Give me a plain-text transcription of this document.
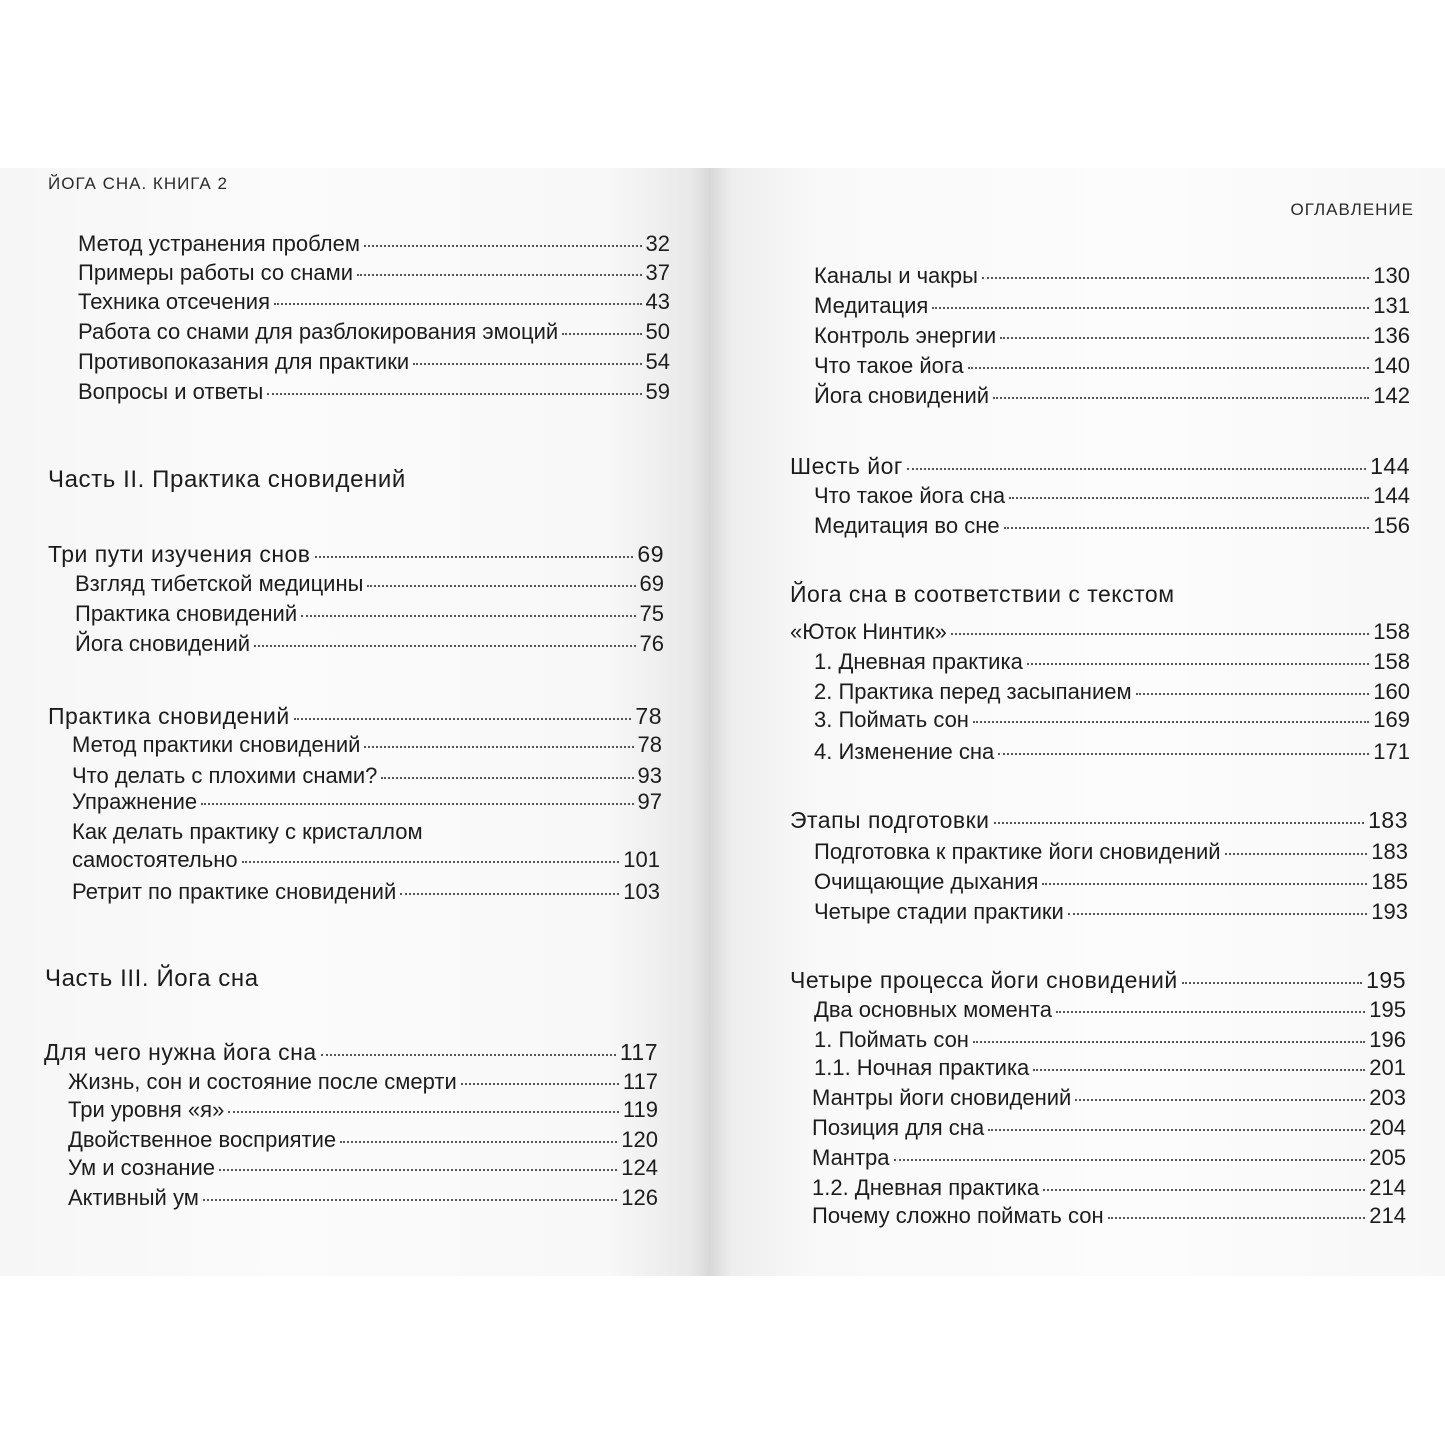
ЙОГА СНА. КНИГА 2
ОГЛАВЛЕНИЕ
Метод устранения проблем	32
Примеры работы со снами	37
Техника отсечения	43
Работа со снами для разблокирования эмоций	50
Противопоказания для практики	54
Вопросы и ответы	59
Часть II. Практика сновидений
Три пути изучения снов	69
Взгляд тибетской медицины	69
Практика сновидений	75
Йога сновидений	76
Практика сновидений	78
Метод практики сновидений	78
Что делать с плохими снами?	93
Упражнение	97
Как делать практику с кристаллом
самостоятельно	101
Ретрит по практике сновидений	103
Часть III. Йога сна
Для чего нужна йога сна	117
Жизнь, сон и состояние после смерти	117
Три уровня «я»	119
Двойственное восприятие	120
Ум и сознание	124
Активный ум	126
Каналы и чакры	130
Медитация	131
Контроль энергии	136
Что такое йога	140
Йога сновидений	142
Шесть йог	144
Что такое йога сна	144
Медитация во сне	156
Йога сна в соответствии с текстом
«Юток Нинтик»	158
1. Дневная практика	158
2. Практика перед засыпанием	160
3. Поймать сон	169
4. Изменение сна	171
Этапы подготовки	183
Подготовка к практике йоги сновидений	183
Очищающие дыхания	185
Четыре стадии практики	193
Четыре процесса йоги сновидений	195
Два основных момента	195
1. Поймать сон	196
1.1. Ночная практика	201
Мантры йоги сновидений	203
Позиция для сна	204
Мантра	205
1.2. Дневная практика	214
Почему сложно поймать сон	214
